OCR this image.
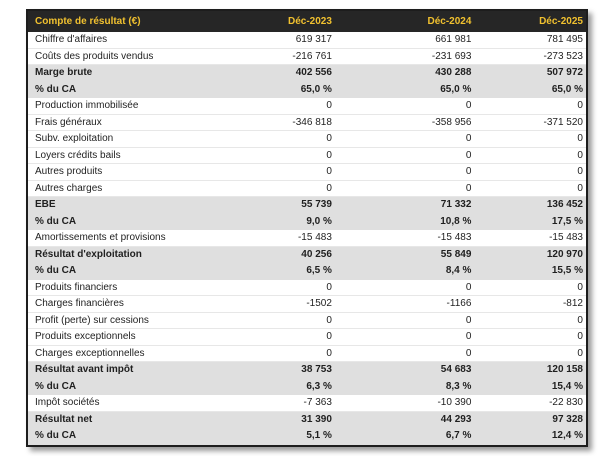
Compte de résultat (€)	Déc-2023	Déc-2024	Déc-2025
Chiffre d'affaires	619 317	661 981	781 495
Coûts des produits vendus	-216 761	-231 693	-273 523
Marge brute	402 556	430 288	507 972
% du CA	65,0 %	65,0 %	65,0 %
Production immobilisée	0	0	0
Frais généraux	-346 818	-358 956	-371 520
Subv. exploitation	0	0	0
Loyers crédits bails	0	0	0
Autres produits	0	0	0
Autres charges	0	0	0
EBE	55 739	71 332	136 452
% du CA	9,0 %	10,8 %	17,5 %
Amortissements et provisions	-15 483	-15 483	-15 483
Résultat d'exploitation	40 256	55 849	120 970
% du CA	6,5 %	8,4 %	15,5 %
Produits financiers	0	0	0
Charges financières	-1502	-1166	-812
Profit (perte) sur cessions	0	0	0
Produits exceptionnels	0	0	0
Charges exceptionnelles	0	0	0
Résultat avant impôt	38 753	54 683	120 158
% du CA	6,3 %	8,3 %	15,4 %
Impôt sociétés	-7 363	-10 390	-22 830
Résultat net	31 390	44 293	97 328
% du CA	5,1 %	6,7 %	12,4 %
